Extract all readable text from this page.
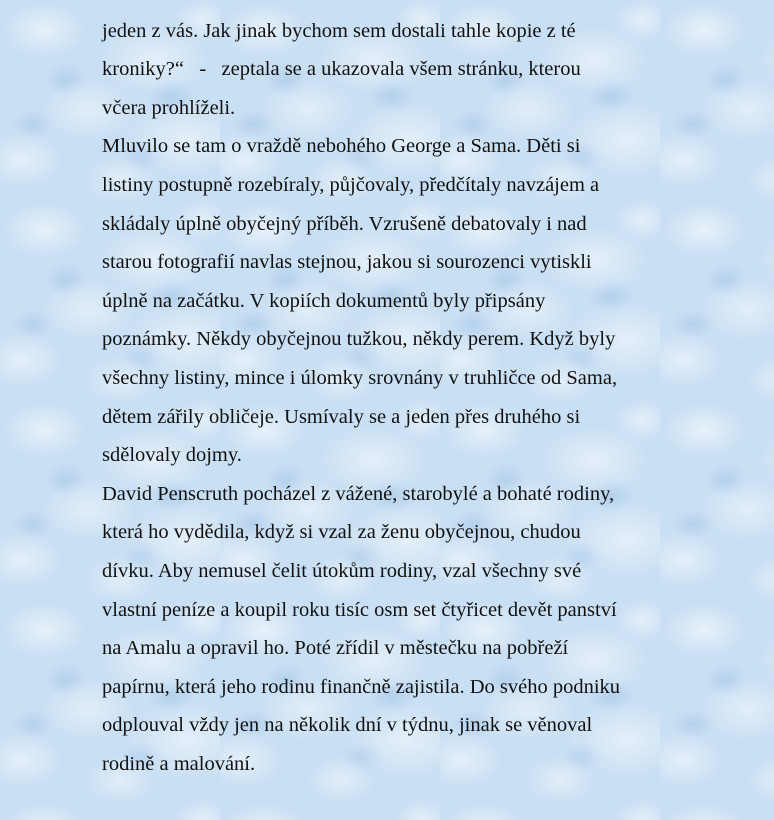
jeden z vás. Jak jinak bychom sem dostali tahle kopie z té

kroniky?“   -   zeptala se a ukazovala všem stránku, kterou

včera prohlíželi.

Mluvilo se tam o vraždě nebohého George a Sama. Děti si

listiny postupně rozebíraly, půjčovaly, předčítaly navzájem a

skládaly úplně obyčejný příběh. Vzrušeně debatovaly i nad

starou fotografií navlas stejnou, jakou si sourozenci vytiskli

úplně na začátku. V kopiích dokumentů byly připsány

poznámky. Někdy obyčejnou tužkou, někdy perem. Když byly

všechny listiny, mince i úlomky srovnány v truhličce od Sama,

dětem zářily obličeje. Usmívaly se a jeden přes druhého si

sdělovaly dojmy.

David Penscruth pocházel z vážené, starobylé a bohaté rodiny,

která ho vydědila, když si vzal za ženu obyčejnou, chudou

dívku. Aby nemusel čelit útokům rodiny, vzal všechny své

vlastní peníze a koupil roku tisíc osm set čtyřicet devět panství

na Amalu a opravil ho. Poté zřídil v městečku na pobřeží

papírnu, která jeho rodinu finančně zajistila. Do svého podniku

odplouval vždy jen na několik dní v týdnu, jinak se věnoval

rodině a malování.
